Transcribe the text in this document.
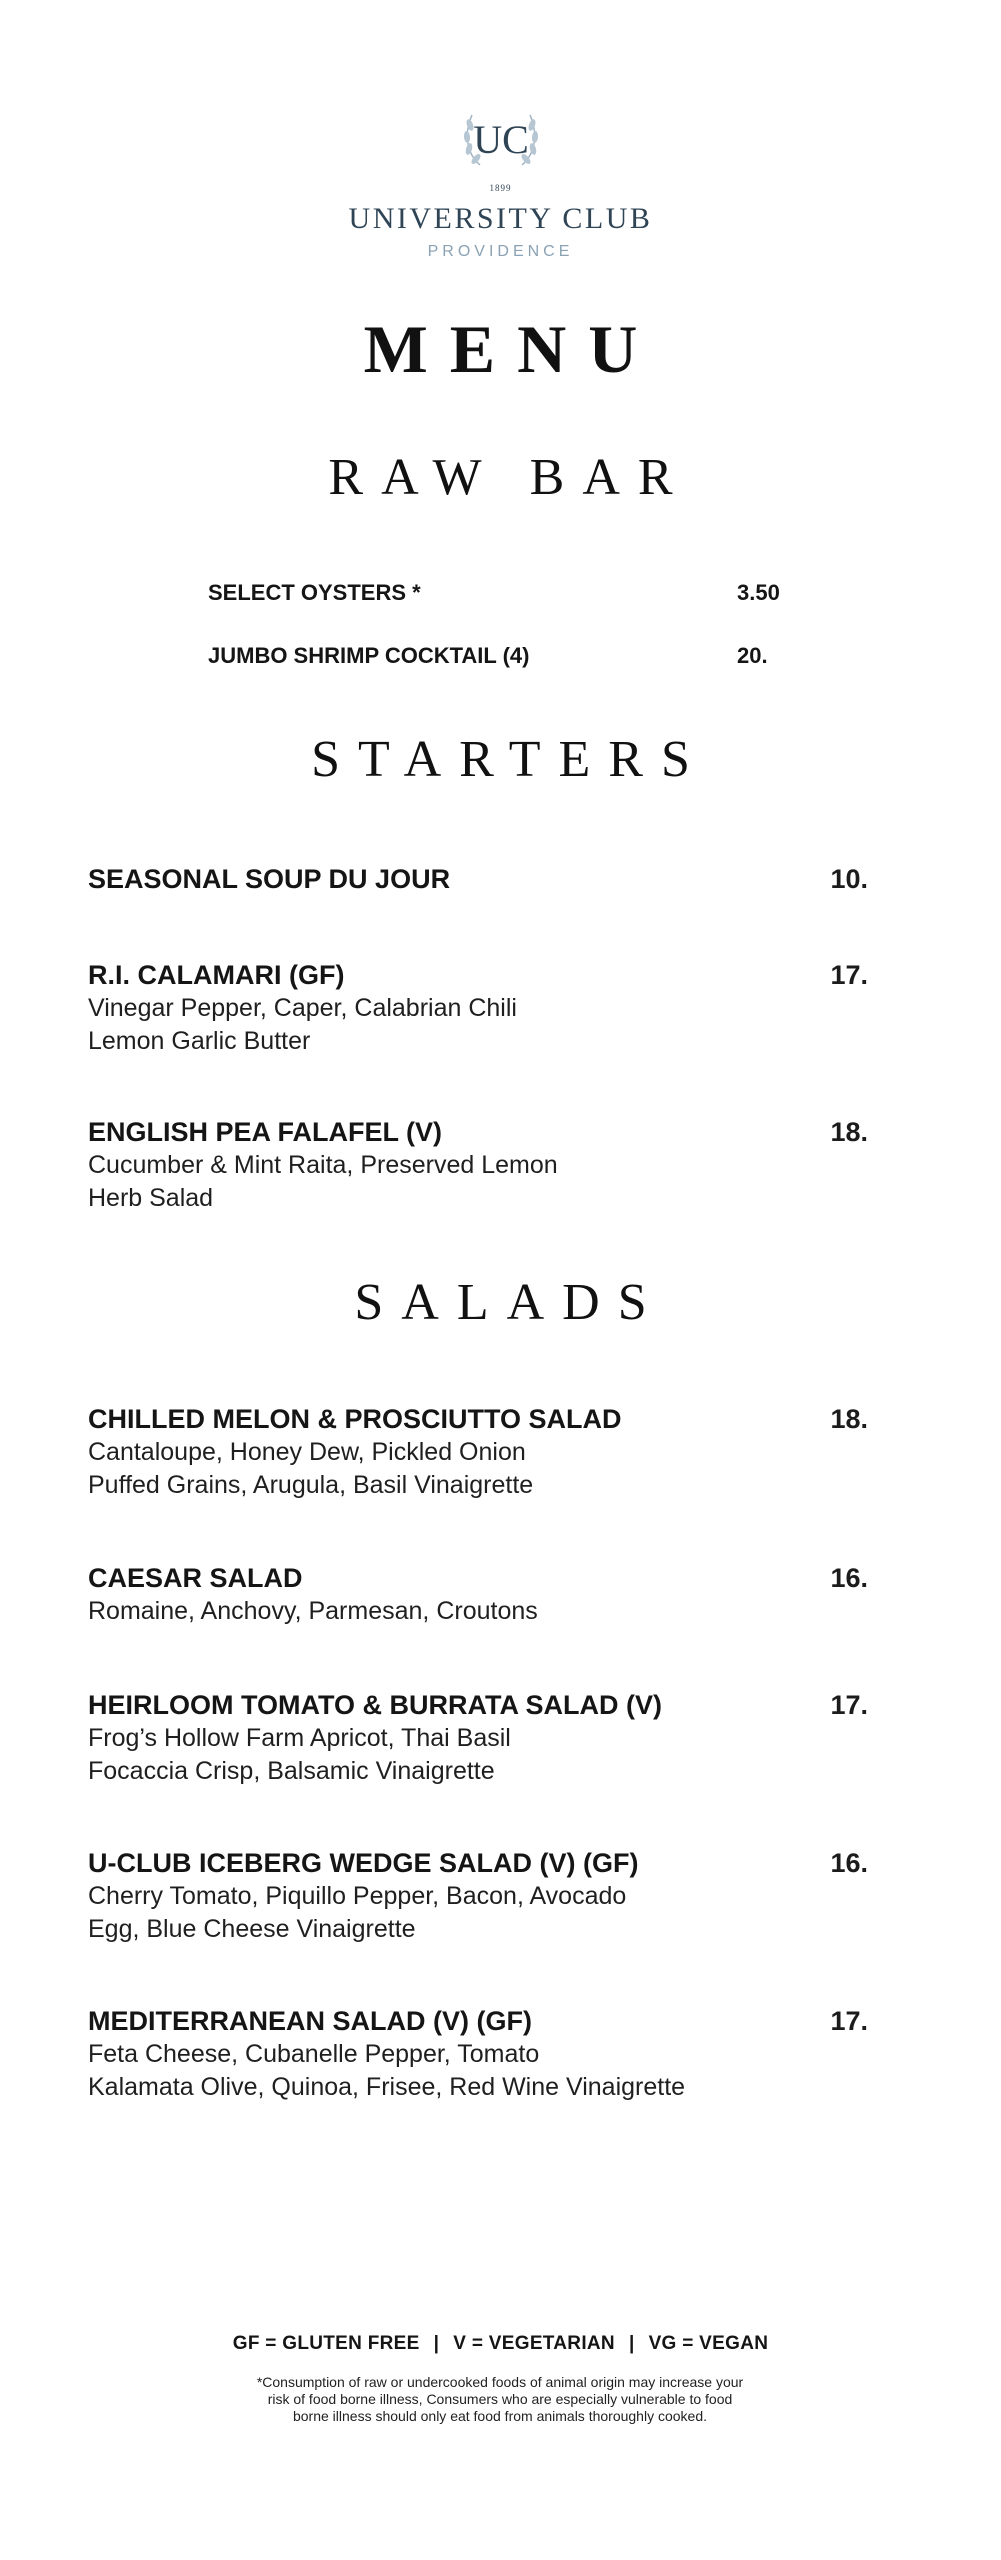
UC
1899
UNIVERSITY CLUB
PROVIDENCE
MENU
RAW BAR
SELECT OYSTERS *	3.50
JUMBO SHRIMP COCKTAIL (4)	20.
STARTERS
SEASONAL SOUP DU JOUR	10.
R.I. CALAMARI (GF)	17.
Vinegar Pepper, Caper, Calabrian Chili
Lemon Garlic Butter
ENGLISH PEA FALAFEL (V)	18.
Cucumber & Mint Raita, Preserved Lemon
Herb Salad
SALADS
CHILLED MELON & PROSCIUTTO SALAD	18.
Cantaloupe, Honey Dew, Pickled Onion
Puffed Grains, Arugula, Basil Vinaigrette
CAESAR SALAD	16.
Romaine, Anchovy, Parmesan, Croutons
HEIRLOOM TOMATO & BURRATA SALAD (V)	17.
Frog’s Hollow Farm Apricot, Thai Basil
Focaccia Crisp, Balsamic Vinaigrette
U-CLUB ICEBERG WEDGE SALAD (V) (GF)	16.
Cherry Tomato, Piquillo Pepper, Bacon, Avocado
Egg, Blue Cheese Vinaigrette
MEDITERRANEAN SALAD (V) (GF)	17.
Feta Cheese, Cubanelle Pepper, Tomato
Kalamata Olive, Quinoa, Frisee, Red Wine Vinaigrette
GF = GLUTEN FREE | V = VEGETARIAN | VG = VEGAN
*Consumption of raw or undercooked foods of animal origin may increase your
risk of food borne illness, Consumers who are especially vulnerable to food
borne illness should only eat food from animals thoroughly cooked.
